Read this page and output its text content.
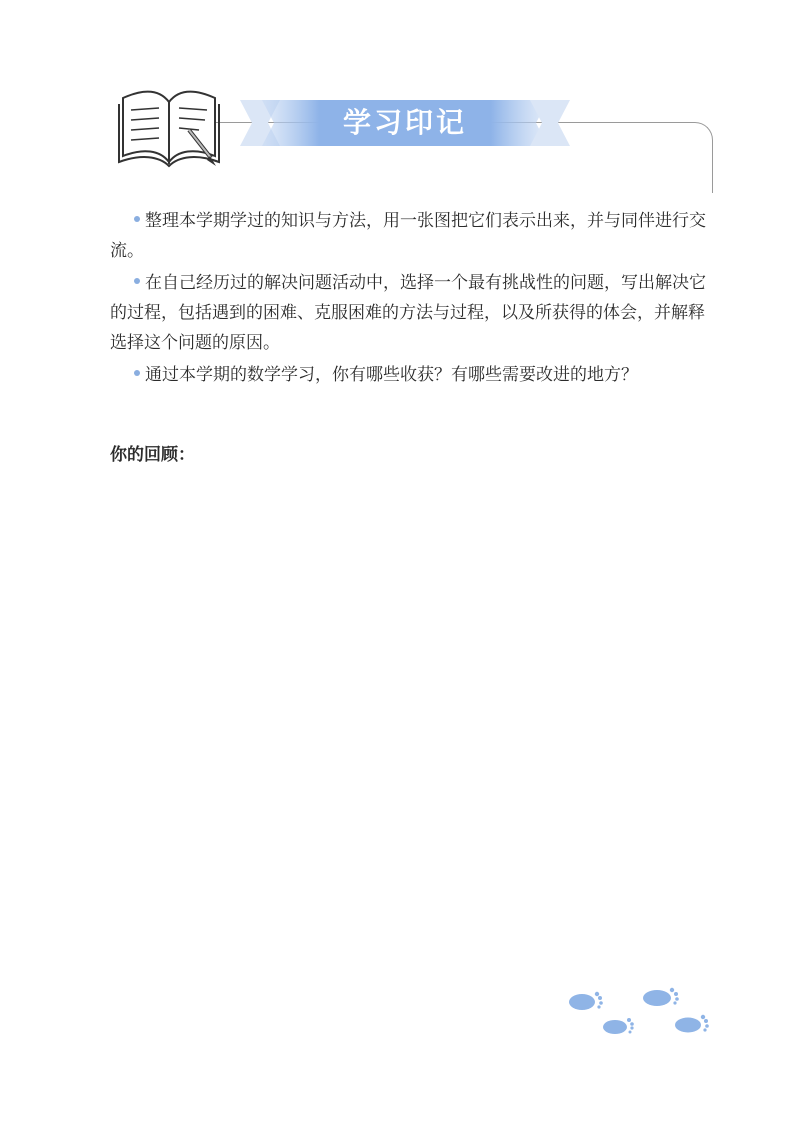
学习印记

整理本学期学过的知识与方法，用一张图把它们表示出来，并与同伴进行交流。

在自己经历过的解决问题活动中，选择一个最有挑战性的问题，写出解决它的过程，包括遇到的困难、克服困难的方法与过程，以及所获得的体会，并解释选择这个问题的原因。

通过本学期的数学学习，你有哪些收获？有哪些需要改进的地方？

你的回顾：
